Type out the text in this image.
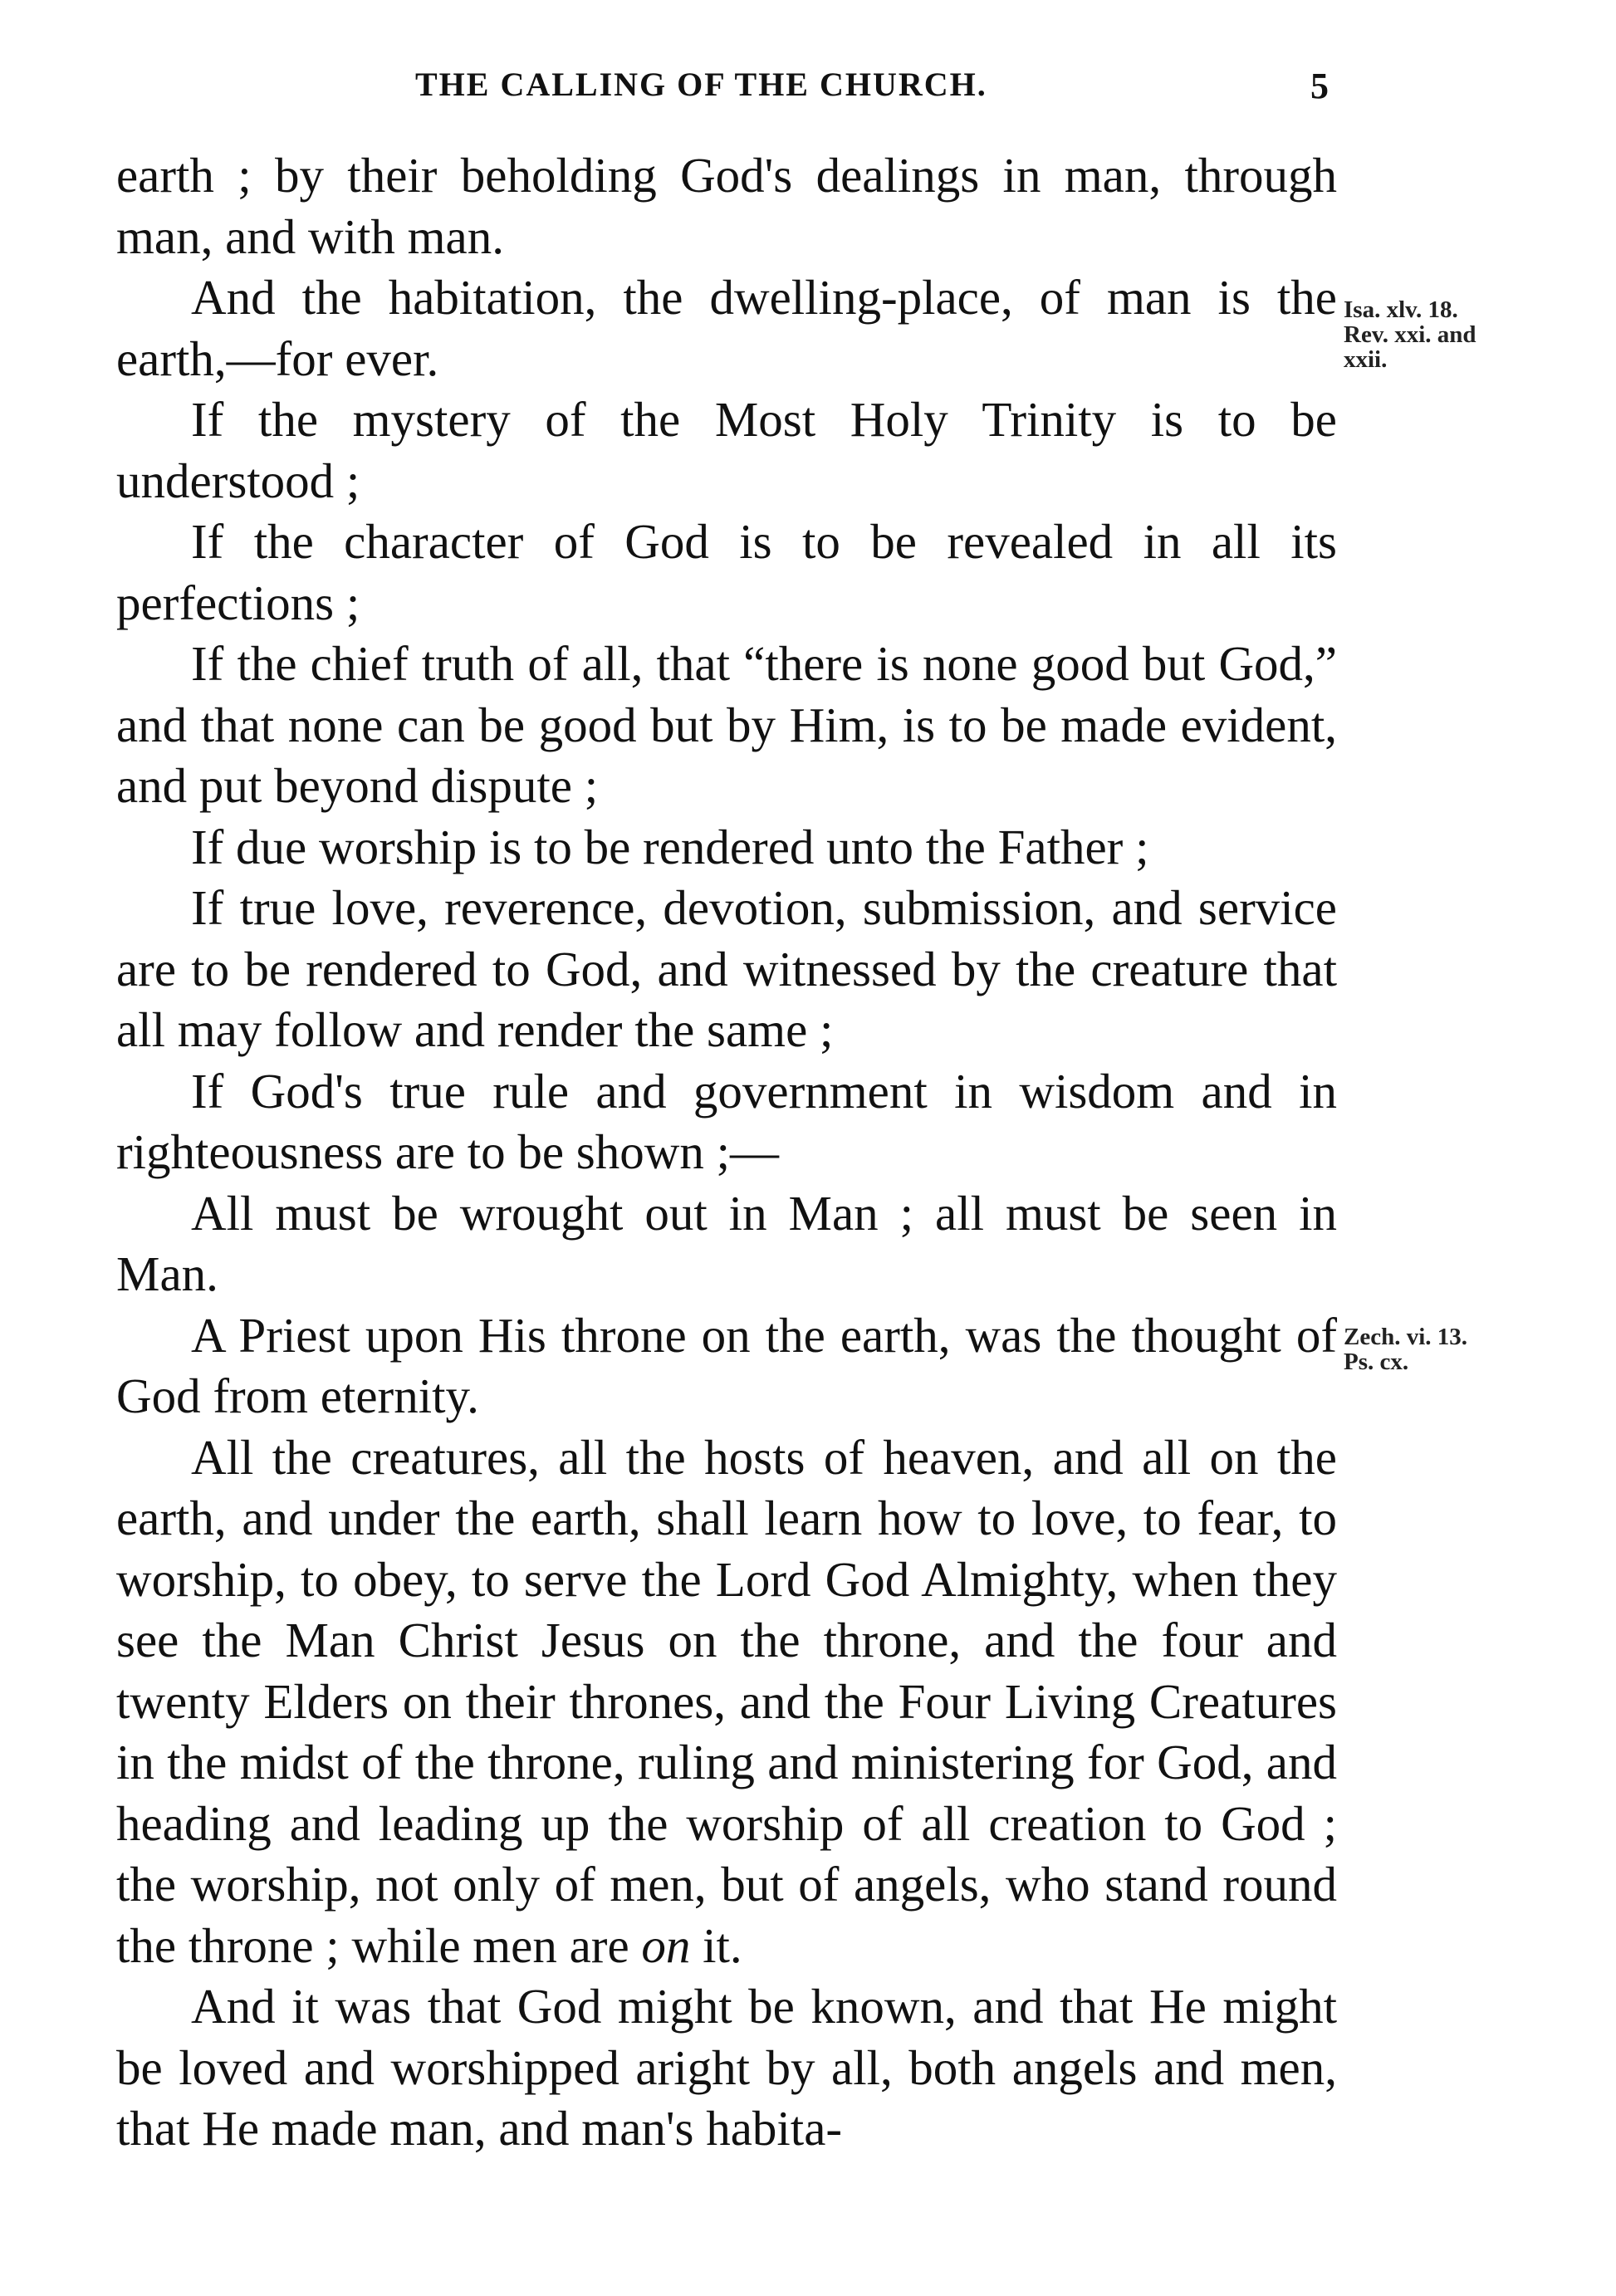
THE CALLING OF THE CHURCH.	5

earth ; by their beholding God's dealings in man, through man, and with man.

And the habitation, the dwelling-place, of man is the earth,—for ever.

If the mystery of the Most Holy Trinity is to be understood ;

If the character of God is to be revealed in all its perfections ;

If the chief truth of all, that “there is none good but God,” and that none can be good but by Him, is to be made evident, and put beyond dispute ;

If due worship is to be rendered unto the Father ;

If true love, reverence, devotion, submission, and service are to be rendered to God, and witnessed by the creature that all may follow and render the same ;

If God's true rule and government in wisdom and in righteousness are to be shown ;—

All must be wrought out in Man ; all must be seen in Man.

A Priest upon His throne on the earth, was the thought of God from eternity.

All the creatures, all the hosts of heaven, and all on the earth, and under the earth, shall learn how to love, to fear, to worship, to obey, to serve the Lord God Almighty, when they see the Man Christ Jesus on the throne, and the four and twenty Elders on their thrones, and the Four Living Creatures in the midst of the throne, ruling and ministering for God, and heading and leading up the worship of all creation to God ; the worship, not only of men, but of angels, who stand round the throne ; while men are on it.

And it was that God might be known, and that He might be loved and worshipped aright by all, both angels and men, that He made man, and man's habita-

Isa. xlv. 18.
Rev. xxi. and
xxii.
Zech. vi. 13.
Ps. cx.
